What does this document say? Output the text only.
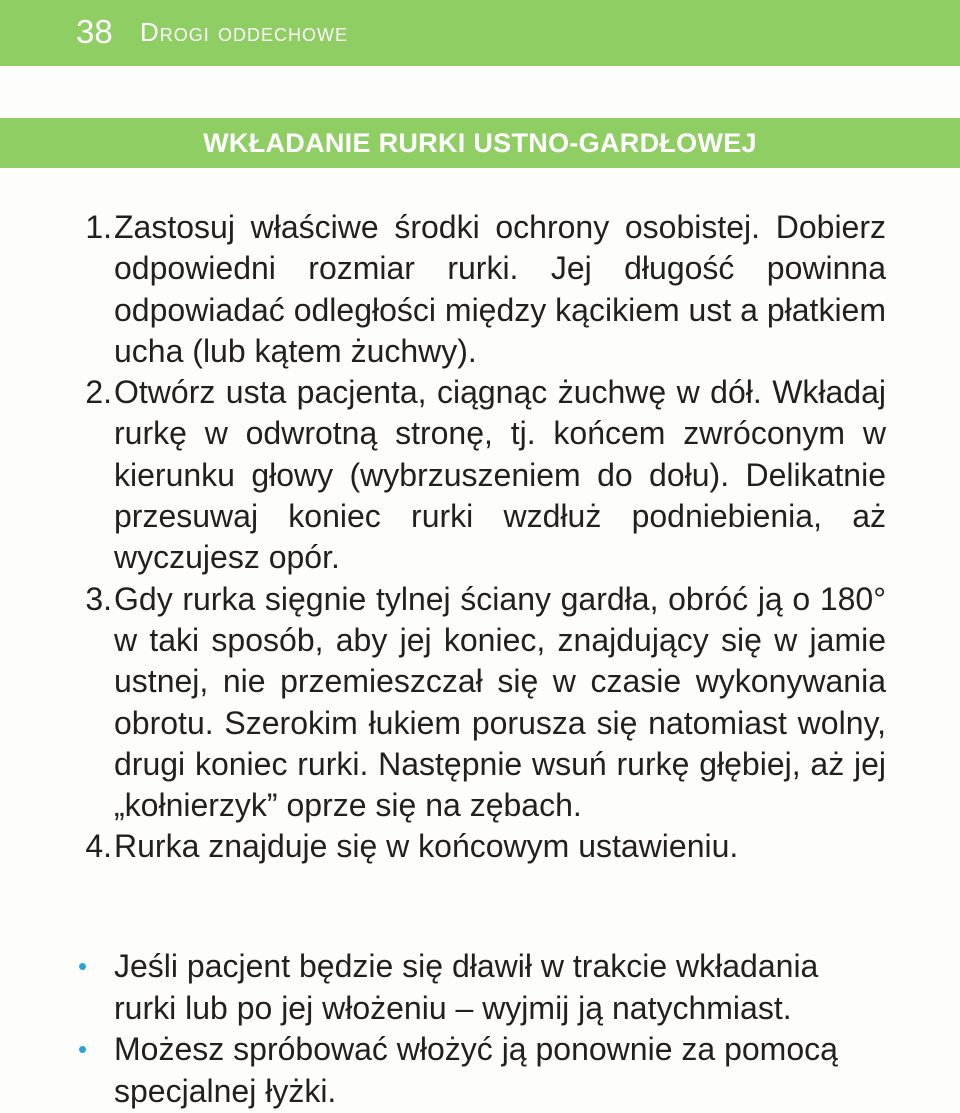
38 Drogi oddechowe
WKŁADANIE RURKI USTNO-GARDŁOWEJ
1. Zastosuj właściwe środki ochrony osobistej. Dobierz odpowiedni rozmiar rurki. Jej długość powinna odpowiadać odległości między kącikiem ust a płatkiem ucha (lub kątem żuchwy).
2. Otwórz usta pacjenta, ciągnąc żuchwę w dół. Wkładaj rurkę w odwrotną stronę, tj. końcem zwróconym w kierunku głowy (wybrzuszeniem do dołu). Delikatnie przesuwaj koniec rurki wzdłuż podniebienia, aż wyczujesz opór.
3. Gdy rurka sięgnie tylnej ściany gardła, obróć ją o 180° w taki sposób, aby jej koniec, znajdujący się w jamie ustnej, nie przemieszczał się w czasie wykonywania obrotu. Szerokim łukiem porusza się natomiast wolny, drugi koniec rurki. Następnie wsuń rurkę głębiej, aż jej „kołnierzyk” oprze się na zębach.
4. Rurka znajduje się w końcowym ustawieniu.
• Jeśli pacjent będzie się dławił w trakcie wkładania rurki lub po jej włożeniu – wyjmij ją natychmiast.
• Możesz spróbować włożyć ją ponownie za pomocą specjalnej łyżki.
